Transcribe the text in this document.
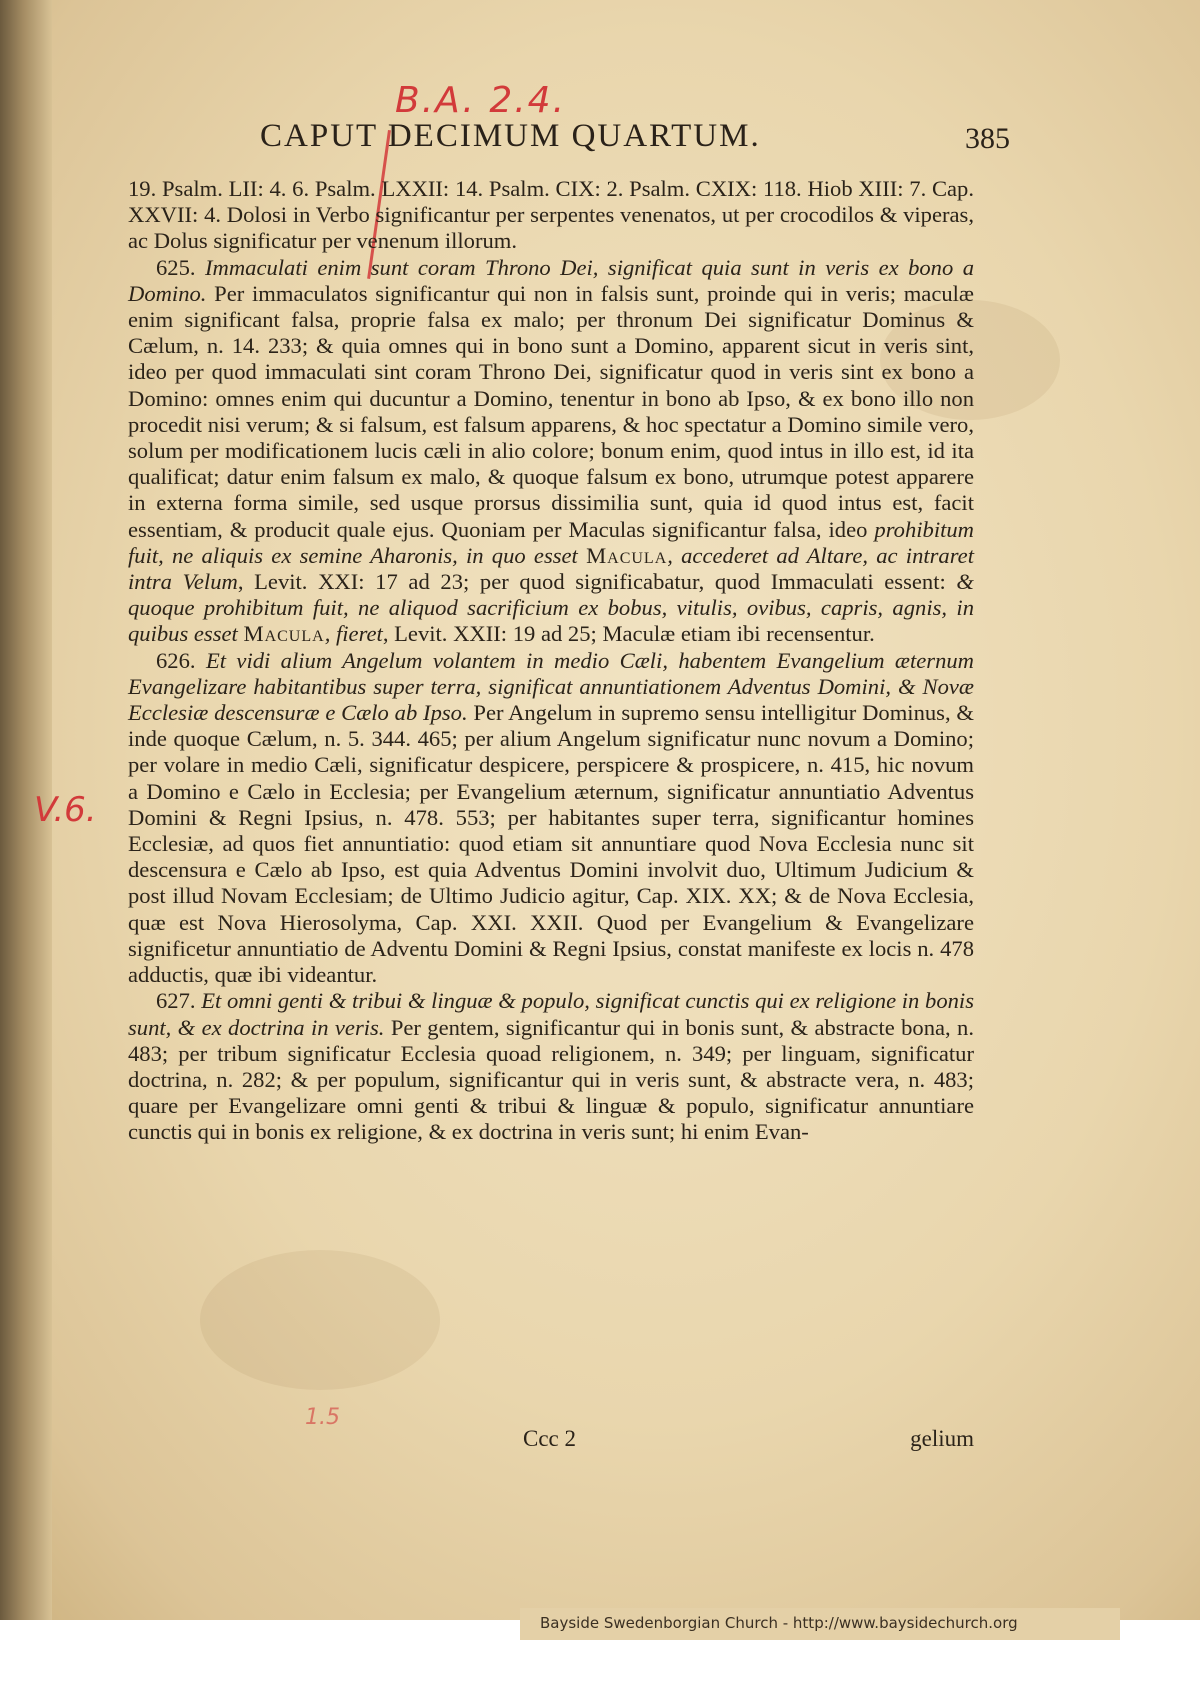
B.A. 2.4.
V.6.
1.5
CAPUT DECIMUM QUARTUM.	385

19. Psalm. LII: 4. 6. Psalm. LXXII: 14. Psalm. CIX: 2. Psalm. CXIX: 118. Hiob XIII: 7. Cap. XXVII: 4. Dolosi in Verbo significantur per serpentes venenatos, ut per crocodilos & viperas, ac Dolus significatur per venenum illorum.

625. Immaculati enim sunt coram Throno Dei, significat quia sunt in veris ex bono a Domino. Per immaculatos significantur qui non in falsis sunt, proinde qui in veris; maculæ enim significant falsa, proprie falsa ex malo; per thronum Dei significatur Dominus & Cælum, n. 14. 233; & quia omnes qui in bono sunt a Domino, apparent sicut in veris sint, ideo per quod immaculati sint coram Throno Dei, significatur quod in veris sint ex bono a Domino: omnes enim qui ducuntur a Domino, tenentur in bono ab Ipso, & ex bono illo non procedit nisi verum; & si falsum, est falsum apparens, & hoc spectatur a Domino simile vero, solum per modificationem lucis cæli in alio colore; bonum enim, quod intus in illo est, id ita qualificat; datur enim falsum ex malo, & quoque falsum ex bono, utrumque potest apparere in externa forma simile, sed usque prorsus dissimilia sunt, quia id quod intus est, facit essentiam, & producit quale ejus. Quoniam per Maculas significantur falsa, ideo prohibitum fuit, ne aliquis ex semine Aharonis, in quo esset Macula, accederet ad Altare, ac intraret intra Velum, Levit. XXI: 17 ad 23; per quod significabatur, quod Immaculati essent: & quoque prohibitum fuit, ne aliquod sacrificium ex bobus, vitulis, ovibus, capris, agnis, in quibus esset Macula, fieret, Levit. XXII: 19 ad 25; Maculæ etiam ibi recensentur.

626. Et vidi alium Angelum volantem in medio Cæli, habentem Evangelium æternum Evangelizare habitantibus super terra, significat annuntiationem Adventus Domini, & Novæ Ecclesiæ descensuræ e Cælo ab Ipso. Per Angelum in supremo sensu intelligitur Dominus, & inde quoque Cælum, n. 5. 344. 465; per alium Angelum significatur nunc novum a Domino; per volare in medio Cæli, significatur despicere, perspicere & prospicere, n. 415, hic novum a Domino e Cælo in Ecclesia; per Evangelium æternum, significatur annuntiatio Adventus Domini & Regni Ipsius, n. 478. 553; per habitantes super terra, significantur homines Ecclesiæ, ad quos fiet annuntiatio: quod etiam sit annuntiare quod Nova Ecclesia nunc sit descensura e Cælo ab Ipso, est quia Adventus Domini involvit duo, Ultimum Judicium & post illud Novam Ecclesiam; de Ultimo Judicio agitur, Cap. XIX. XX; & de Nova Ecclesia, quæ est Nova Hierosolyma, Cap. XXI. XXII. Quod per Evangelium & Evangelizare significetur annuntiatio de Adventu Domini & Regni Ipsius, constat manifeste ex locis n. 478 adductis, quæ ibi videantur.

627. Et omni genti & tribui & linguæ & populo, significat cunctis qui ex religione in bonis sunt, & ex doctrina in veris. Per gentem, significantur qui in bonis sunt, & abstracte bona, n. 483; per tribum significatur Ecclesia quoad religionem, n. 349; per linguam, significatur doctrina, n. 282; & per populum, significantur qui in veris sunt, & abstracte vera, n. 483; quare per Evangelizare omni genti & tribui & linguæ & populo, significatur annuntiare cunctis qui in bonis ex religione, & ex doctrina in veris sunt; hi enim Evan-

Ccc 2	gelium
Bayside Swedenborgian Church - http://www.baysidechurch.org
